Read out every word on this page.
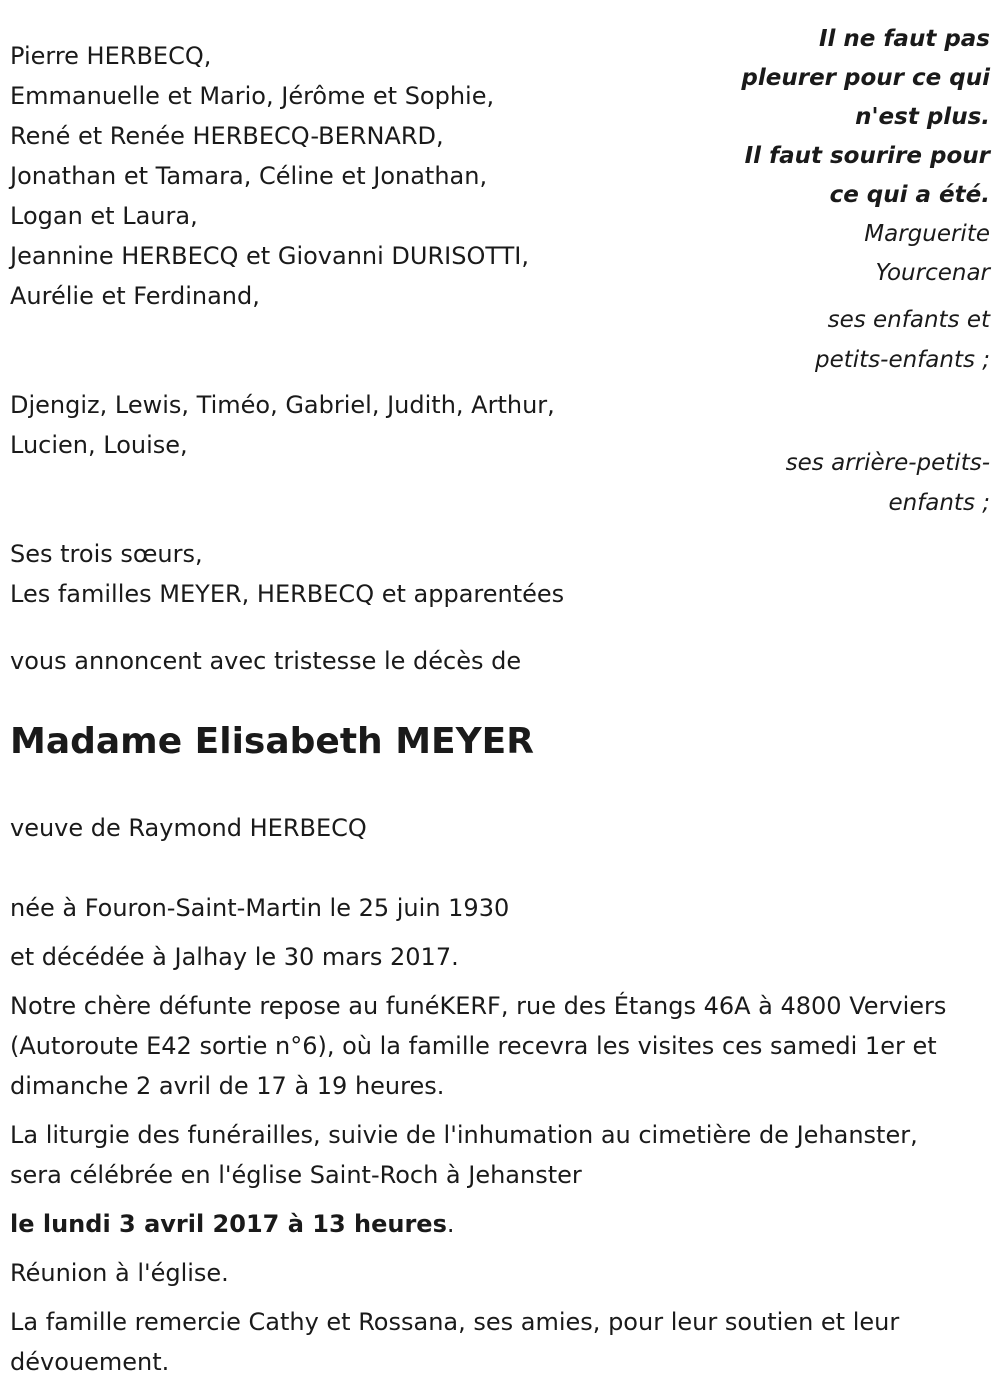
Pierre HERBECQ,
Emmanuelle et Mario, Jérôme et Sophie,
René et Renée HERBECQ-BERNARD,
Jonathan et Tamara, Céline et Jonathan,
Logan et Laura,
Jeannine HERBECQ et Giovanni DURISOTTI,
Aurélie et Ferdinand,
Djengiz, Lewis, Timéo, Gabriel, Judith, Arthur,
Lucien, Louise,
Ses trois sœurs,
Les familles MEYER, HERBECQ et apparentées
Il ne faut pas
pleurer pour ce qui
n'est plus.
Il faut sourire pour
ce qui a été.
Marguerite
Yourcenar
ses enfants et
petits-enfants ;
ses arrière-petits-
enfants ;

vous annoncent avec tristesse le décès de

Madame Elisabeth MEYER

veuve de Raymond HERBECQ

née à Fouron-Saint-Martin le 25 juin 1930

et décédée à Jalhay le 30 mars 2017.

Notre chère défunte repose au funéKERF, rue des Étangs 46A à 4800 Verviers (Autoroute E42 sortie n°6), où la famille recevra les visites ces samedi 1er et dimanche 2 avril de 17 à 19 heures.

La liturgie des funérailles, suivie de l'inhumation au cimetière de Jehanster, sera célébrée en l'église Saint-Roch à Jehanster

le lundi 3 avril 2017 à 13 heures.

Réunion à l'église.

La famille remercie Cathy et Rossana, ses amies, pour leur soutien et leur dévouement.
